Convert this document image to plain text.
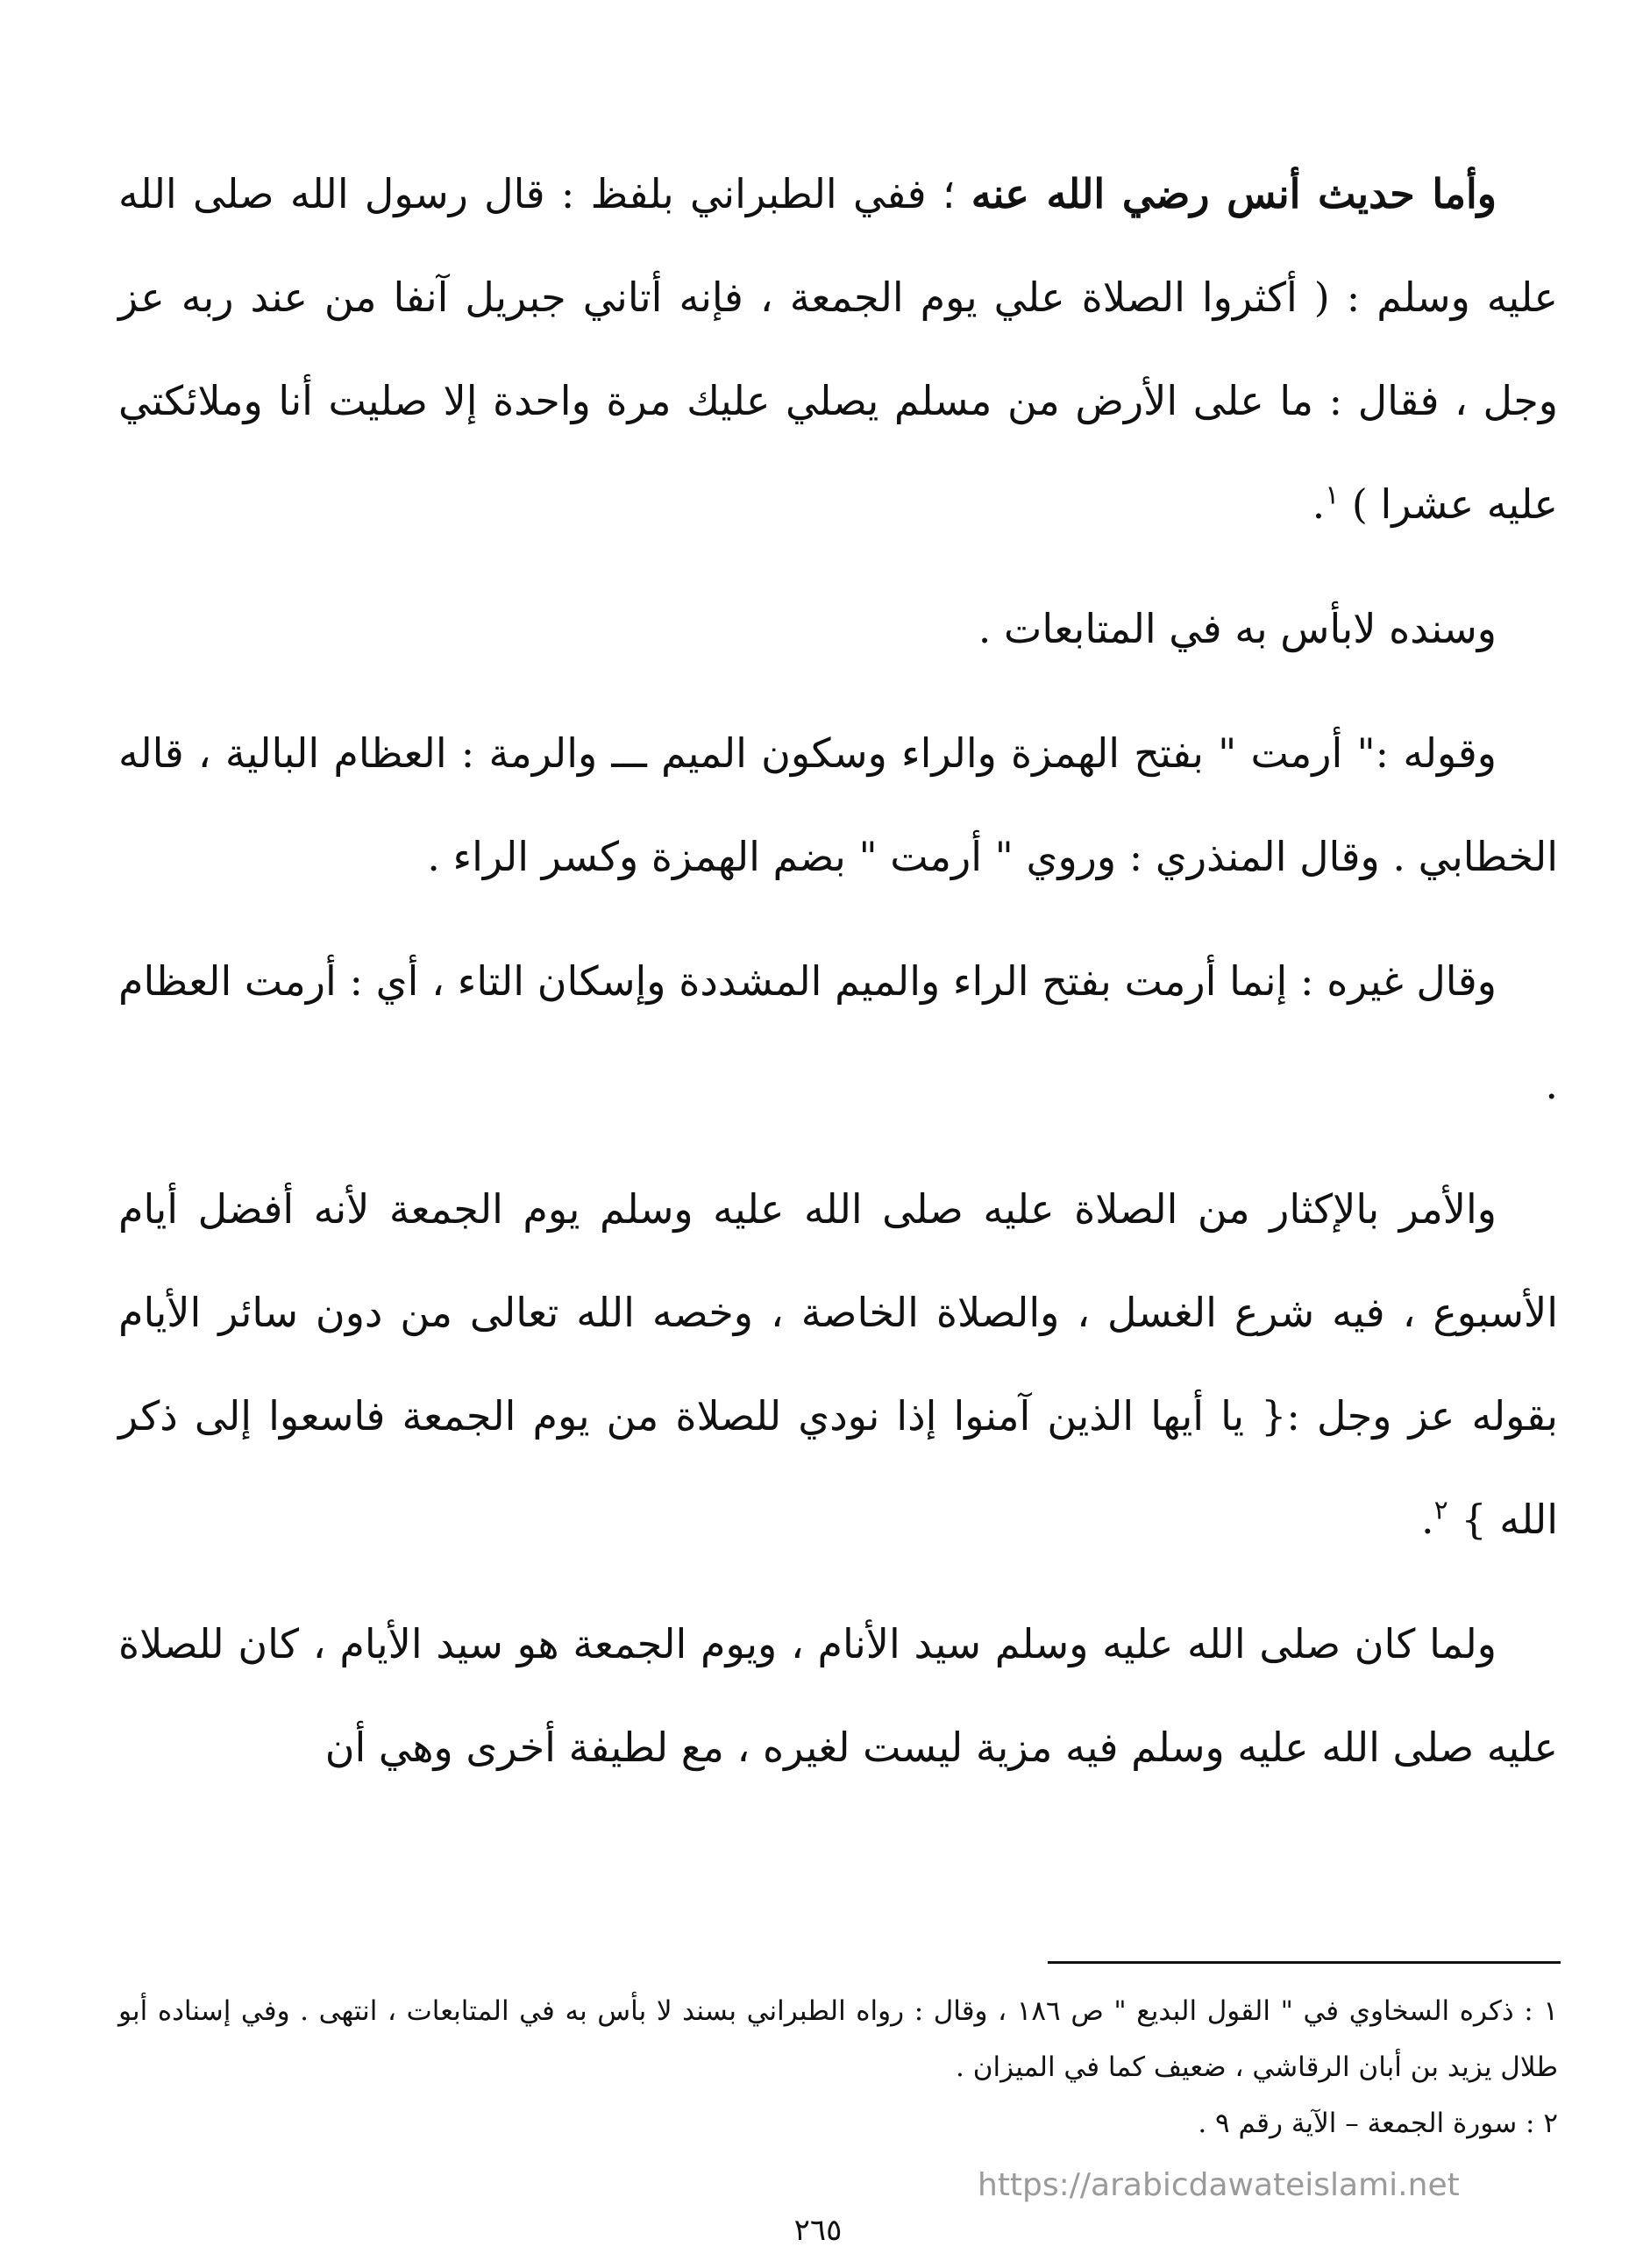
وأما حديث أنس رضي الله عنه ؛ ففي الطبراني بلفظ : قال رسول الله صلى الله عليه وسلم : ( أكثروا الصلاة علي يوم الجمعة ، فإنه أتاني جبريل آنفا من عند ربه عز وجل ، فقال : ما على الأرض من مسلم يصلي عليك مرة واحدة إلا صليت أنا وملائكتي عليه عشرا ) $^١$.

وسنده لابأس به في المتابعات .

وقوله :" أرمت " بفتح الهمزة والراء وسكون الميم ـــ والرمة : العظام البالية ، قاله الخطابي . وقال المنذري : وروي " أرمت " بضم الهمزة وكسر الراء .

وقال غيره : إنما أرمت بفتح الراء والميم المشددة وإسكان التاء ، أي : أرمت العظام .

والأمر بالإكثار من الصلاة عليه صلى الله عليه وسلم يوم الجمعة لأنه أفضل أيام الأسبوع ، فيه شرع الغسل ، والصلاة الخاصة ، وخصه الله تعالى من دون سائر الأيام بقوله عز وجل :{ يا أيها الذين آمنوا إذا نودي للصلاة من يوم الجمعة فاسعوا إلى ذكر الله } $^٢$.

ولما كان صلى الله عليه وسلم سيد الأنام ، ويوم الجمعة هو سيد الأيام ، كان للصلاة عليه صلى الله عليه وسلم فيه مزية ليست لغيره ، مع لطيفة أخرى وهي أن

١ : ذكره السخاوي في " القول البديع " ص ١٨٦ ، وقال : رواه الطبراني بسند لا بأس به في المتابعات ، انتهى . وفي إسناده أبو طلال يزيد بن أبان الرقاشي ، ضعيف كما في الميزان .

٢ : سورة الجمعة – الآية رقم ٩ .

https://arabicdawateislami.net
٢٦٥
